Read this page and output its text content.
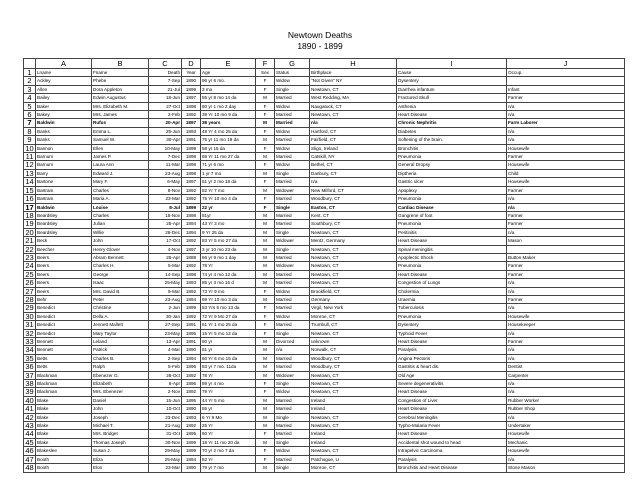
Newtown Deaths
1890 - 1899
	A	B	C	D	E	F	G	H	I	J
1	Lname	Fname	Death	Year	Age	Sex	Status	Birthplace	Cause	Occup.
2	Ackley	Phebe	7-Sep	1890	96 yr 6 mo.	F	Widow	"Not Given" NY	Dysentery	
3	Allen	Dora Appleton	21-Jul	1899	3 mo	F	Single	Newtown, CT	Diarrhea infantum	Infant
4	Bailey	Edwin Augustus	18-Jun	1897	55 yr 8 mo 14 da	M	Married	West Redding, MA	Fractured Skull	Farmer
5	Baker	Mrs. Elizabeth M.	27-Oct	1898	80 yr 1 mo 2 day	F	Widow	Naugatuck, CT	Asthenia	n/a
6	Bakey	Mrs. James	2-Feb	1892	39 Yr 10 mo 9 da	F	Married	Newtown, CT	Heart Disease	n/a
7	Baldwin	Rufus	20-Apr	1897	38 years	M	Married	n/a	Chronic Nephritis	Farm Laborer
8	Banks	Emma L.	25-Jun	1893	48 Yr 4 mo 25 da	F	Widow	Hartford, CT	Diabetes	n/a
9	Banks	Samuel W.	30-Apr	1891	75 yr 11 mo 19 da	M	Married	Fairfield, CT	Softening of the brain.	n/a
10	Bannon	Ellen	10-May	1899	58 yr 15 da	F	Widow	Sligo, Ireland	Bronchitis	Housewife
11	Barnum	James P.	7-Dec	1898	69 Yr 11 mo 27 da	M	Married	Catskill, NY	Pneumonia	Farmer
12	Barnum	Laura Ann	11-Mar	1898	71 yr 6 mo	F	Widow	Bethel, CT	General Dropsy	Housewife
13	Barry	Edward J.	23-Aug	1898	1 yr 7 mo	M	Single	Danbury, CT	Diptheria	Child
14	Bartone	Mary F.	6-May	1897	51 yr 2 mo 18 da	F	Married	n/a	Gastric ulcer	Housewife
15	Bartram	Charles	8-Nov	1892	82 Yr 7 mo	M	Widower	New Milford, CT	Apoplexy	Farmer
16	Bartram	Maria A.	23-Mar	1892	75 Yr 10 mo 4 da	F	Married	Woodbury, CT	Pneumonia	n/a
17	Baldwin	Louise	8-Jul	1899	22 yr	F	Single	Easton, CT	Cardiac Disease	n/a
18	Beardsley	Charles	15-Nov	1898	81yr	M	Married	Kent, CT	Gangrene of foot	Farmer
19	Beardsley	Julian	25-Apr	1894	43 Yr 3 mo	M	Married	Southbury, CT	Pneumonia	Farmer
20	Beardsley	Willie	26-Dec	1894	9 Yr 25 da	M	Single	Newtown, CT	Peritinitis	n/a
21	Beck	John	17-Oct	1892	83 Yr 5 mo 27 da	M	Widower	Mentz, Germany	Heart Disease	Mason
22	Beecher	Henry Glover	4-Nov	1897	3 yr 10 mo 23 da	M	Single	Newtown, CT	Spinal meningitis	
23	Beers	Abram Bennett	25-Apr	1889	66 yr 9 mo 1 day	M	Married	Newtown, CT	Apoplectic Shock	Button Maker
24	Beers	Charles H.	5-Mar	1892	78 Yr	M	Widower	Newtown, CT	Pneumonia	Farmer
25	Beers	George	14-Sep	1898	74 yr 4 mo 12 da	M	Married	Newtown, CT	Heart Disease	Farmer
26	Beers	Isaac	25-May	1893	85 yr 3 mo 15 d	M	Married	Newtown, CT	Congestion of Lungs	n/a
27	Beers	Mrs. David B.	9-Mar	1892	73 Yr 9 mo	F	Widow	Brookfield, CT	Cholermia	n/a
28	Behr	Peter	23-Aug	1894	69 Yr 10 mo 3 da	M	Married	Germany	Uraemia	Farmer
29	Benedict	Christine	2-Jun	1899	53 Yrs 5 mo 13 da	F	Married	Virgil, New York	Tuberculosis	n/a
30	Benedict	Della A.	30-Jan	1892	72 Yr 9 Mo 27 da	F	Widow	Monroe, CT	Pneumonia	Housewife
31	Benedict	Jennett Mallett	27-Sep	1891	61 Yr 1 mo 25 da	F	Married	Trumbull, CT	Dysentery	Housekeeper
32	Benedict	Mary Taylor	23-May	1895	15 Yr 5 mo 12 da	F	Single	Newtown, CT	Typhoid Fever	n/a
33	Bennett	Leland	13-Apr	1891	80 yr	M	Divorced	unknown	Heart Disease	Farmer
34	Bennett	Patrick	4-Mar	1890	81 yr	M	n/a	Norwalk, CT	Paralysis	n/a
35	Betts	Charles B.	2-Sep	1894	60 Yr 6 mo 15 da	M	Married	Woodbury, CT	Angina Pectoris	n/a
36	Betts	Ralph	5-Feb	1896	83 yr 7 mo. 11da	M	Married	Woodbury, CT	Gastritis & heart dis.	Dentist
37	Blackman	Ebenezer G.	28-Oct	1892	78 Yr	M	Widower	Newtown, CT	Old Age	Carpenter
38	Blackman	Elizabeth	6-Apr	1896	89 yr 4 mo	F	Single	Newtown, CT	Severe degenerativitis	n/a
39	Blackman	Mrs. Ebenezer	2-Nov	1892	79 Yr	F	Widow	Newtown, CT	Heart Disease	n/a
40	Blake	Daniel	15-Jun	1895	44 Yr 5 mo	M	Married	Ireland	Congestion of Liver	Rubber Worker
41	Blake	John	10-Oct	1890	55 yr	M	Married	Ireland	Heart Disease	Rubber Shop
42	Blake	Joseph	23-Dec	1893	6 Yr 9 Mo	M	Single	Newtown, CT	Cerebral Meningitis	n/a
43	Blake	Michael T.	21-Aug	1892	25 Yr	M	Married	Newtown, CT	Typho-Malaria Fever	Undertaker
44	Blake	Mrs. Bridget	31-Oct	1895	60 Yr	F	Married	Ireland	Heart Disease	Housewife
45	Blake	Thomas Joseph	30-Nov	1899	18 Yr 11 mo 20 da	M	Single	Ireland	Accidental shot wound to head	Mechanic
46	Blakeslee	Susan J.	29-May	1899	70 yr 2 mo 7 da	F	Widow	Newtown, CT	Intrapelvic Carcinoma	Housewife
47	Booth	Eliza	25-May	1894	82 Yr	F	Married	Patchogue, LI	Paralysis	n/a
48	Booth	Elon	23-Mar	1890	79 yr 7 mo	M	Single	Monroe, CT	Bronchitis and Heart Disease	Stone Mason
